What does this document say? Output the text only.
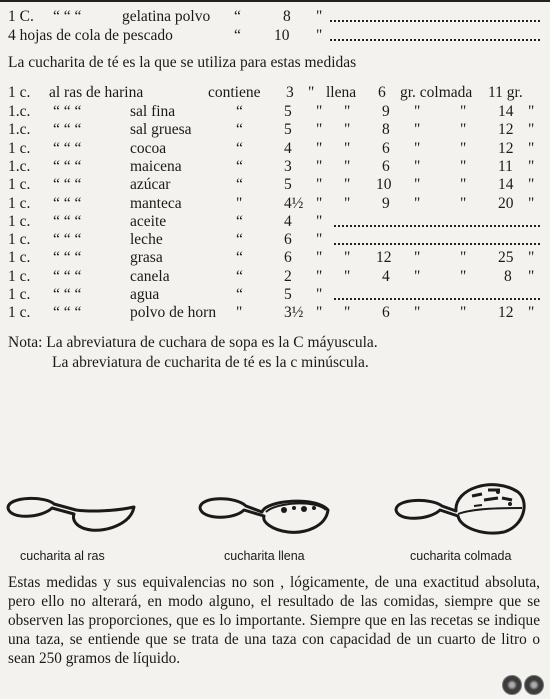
1 C. “ “ “	gelatina polvo “	8 "
4 hojas de cola de pescado	“ 10 "
La cucharita de té es la que se utiliza para estas medidas
1 c. al ras de harina	contiene 3 " llena 6 gr. colmada 11 gr.
1.c. “ “ “	sal fina	“	5 " " 9 "	" 14 "
1.c. “ “ “	sal gruesa	“	5 " " 8 "	" 12 "
1 c. “ “ “	cocoa	“	4 " " 6 "	" 12 "
1.c. “ “ “	maicena	“	3 " " 6 "	" 11 "
1 c. “ “ “	azúcar	“	5 " " 10 "	" 14 "
1 c. “ “ “	manteca	"	4½ " " 9 "	" 20 "
1 c. “ “ “	aceite	“	4 "
1 c. “ “ “	leche	“	6 "
1 c. “ “ “	grasa	“	6 " " 12 "	" 25 "
1 c. “ “ “	canela	“	2 " " 4 "	" 8 "
1 c. “ “ “	agua	“	5 "
1 c. “ “ “	polvo de horn "	3½ " " 6 "	" 12 "
Nota: La abreviatura de cuchara de sopa es la C máyuscula.
La abreviatura de cucharita de té es la c minúscula.
cucharita al ras	cucharita llena	cucharita colmada
Estas medidas y sus equivalencias no son , lógicamente, de una exactitud absoluta, pero ello no alterará, en modo alguno, el resultado de las comidas, siempre que se observen las proporciones, que es lo importante. Siempre que en las recetas se indique una taza, se entiende que se trata de una taza con capacidad de un cuarto de litro o sean 250 gramos de líquido.
